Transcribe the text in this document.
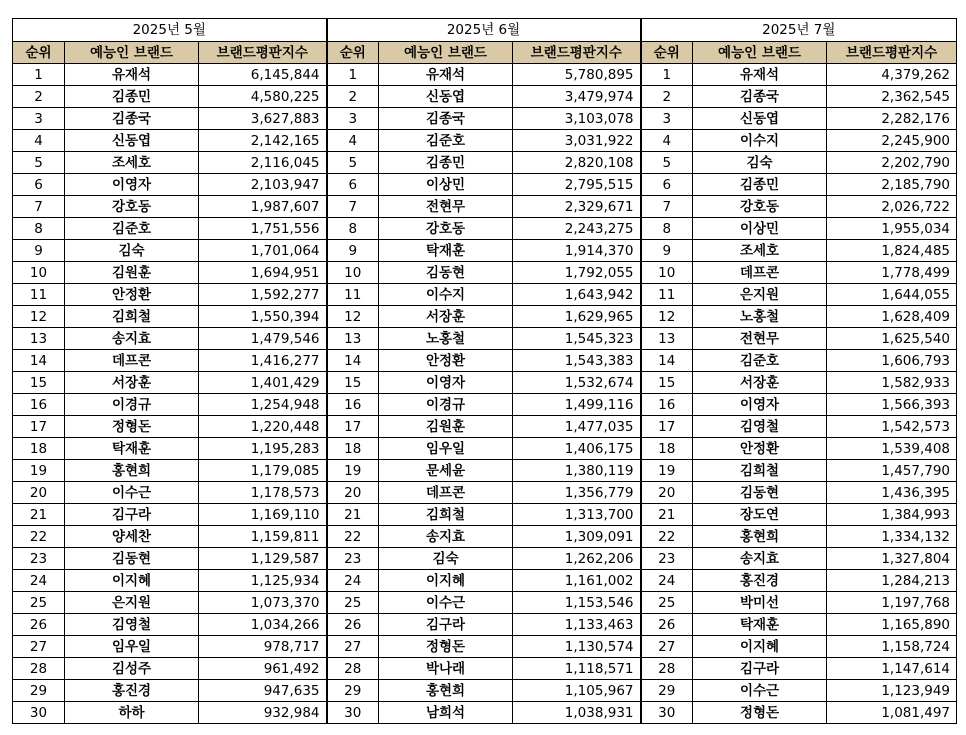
2025년 5월			2025년 6월			2025년 7월		
순위	예능인 브랜드	브랜드평판지수	순위	예능인 브랜드	브랜드평판지수	순위	예능인 브랜드	브랜드평판지수
1	유재석	6,145,844	1	유재석	5,780,895	1	유재석	4,379,262
2	김종민	4,580,225	2	신동엽	3,479,974	2	김종국	2,362,545
3	김종국	3,627,883	3	김종국	3,103,078	3	신동엽	2,282,176
4	신동엽	2,142,165	4	김준호	3,031,922	4	이수지	2,245,900
5	조세호	2,116,045	5	김종민	2,820,108	5	김숙	2,202,790
6	이영자	2,103,947	6	이상민	2,795,515	6	김종민	2,185,790
7	강호동	1,987,607	7	전현무	2,329,671	7	강호동	2,026,722
8	김준호	1,751,556	8	강호동	2,243,275	8	이상민	1,955,034
9	김숙	1,701,064	9	탁재훈	1,914,370	9	조세호	1,824,485
10	김원훈	1,694,951	10	김동현	1,792,055	10	데프콘	1,778,499
11	안정환	1,592,277	11	이수지	1,643,942	11	은지원	1,644,055
12	김희철	1,550,394	12	서장훈	1,629,965	12	노홍철	1,628,409
13	송지효	1,479,546	13	노홍철	1,545,323	13	전현무	1,625,540
14	데프콘	1,416,277	14	안정환	1,543,383	14	김준호	1,606,793
15	서장훈	1,401,429	15	이영자	1,532,674	15	서장훈	1,582,933
16	이경규	1,254,948	16	이경규	1,499,116	16	이영자	1,566,393
17	정형돈	1,220,448	17	김원훈	1,477,035	17	김영철	1,542,573
18	탁재훈	1,195,283	18	임우일	1,406,175	18	안정환	1,539,408
19	홍현희	1,179,085	19	문세윤	1,380,119	19	김희철	1,457,790
20	이수근	1,178,573	20	데프콘	1,356,779	20	김동현	1,436,395
21	김구라	1,169,110	21	김희철	1,313,700	21	장도연	1,384,993
22	양세찬	1,159,811	22	송지효	1,309,091	22	홍현희	1,334,132
23	김동현	1,129,587	23	김숙	1,262,206	23	송지효	1,327,804
24	이지혜	1,125,934	24	이지혜	1,161,002	24	홍진경	1,284,213
25	은지원	1,073,370	25	이수근	1,153,546	25	박미선	1,197,768
26	김영철	1,034,266	26	김구라	1,133,463	26	탁재훈	1,165,890
27	임우일	978,717	27	정형돈	1,130,574	27	이지혜	1,158,724
28	김성주	961,492	28	박나래	1,118,571	28	김구라	1,147,614
29	홍진경	947,635	29	홍현희	1,105,967	29	이수근	1,123,949
30	하하	932,984	30	남희석	1,038,931	30	정형돈	1,081,497
